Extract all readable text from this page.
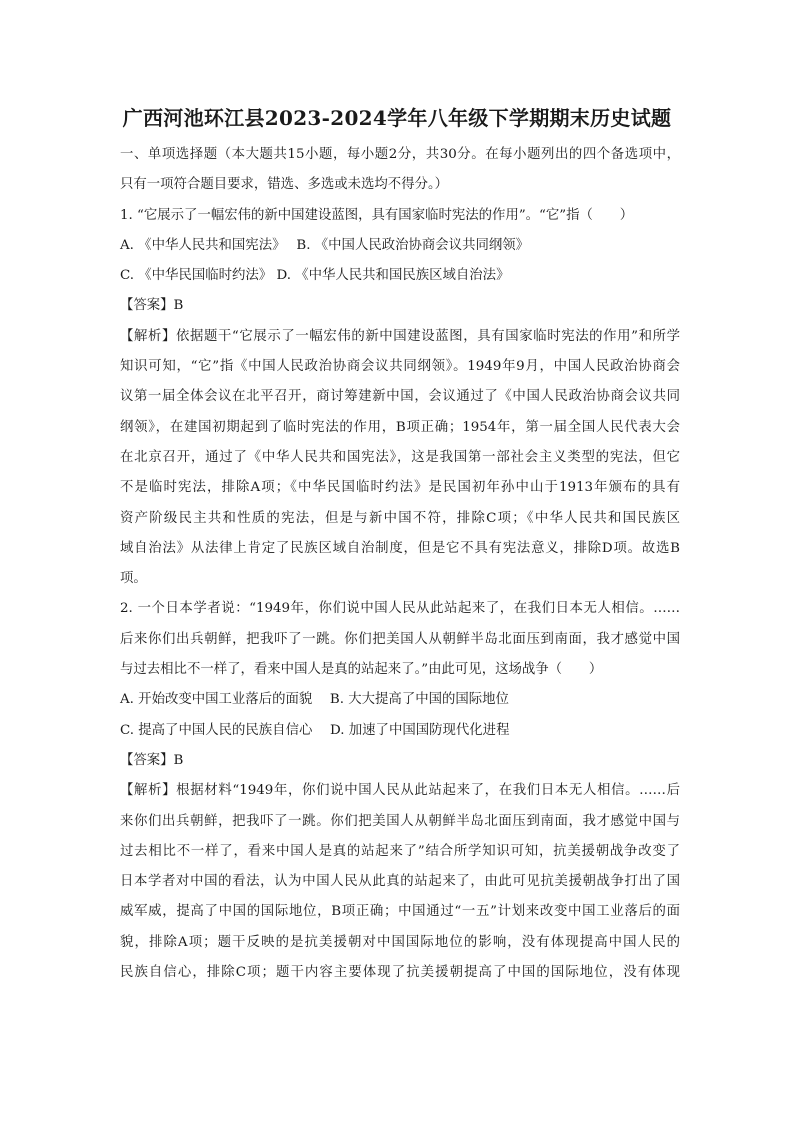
广西河池环江县2023-2024学年八年级下学期期末历史试题
一、单项选择题（本大题共15小题，每小题2分，共30分。在每小题列出的四个备选项中，
只有一项符合题目要求，错选、多选或未选均不得分。）
1. “它展示了一幅宏伟的新中国建设蓝图，具有国家临时宪法的作用”。“它”指（　　）
A. 《中华人民共和国宪法》　 B. 《中国人民政治协商会议共同纲领》
C. 《中华民国临时约法》 D. 《中华人民共和国民族区域自治法》
【答案】B
【解析】依据题干“它展示了一幅宏伟的新中国建设蓝图，具有国家临时宪法的作用”和所学
知识可知，“它”指《中国人民政治协商会议共同纲领》。1949年9月，中国人民政治协商会
议第一届全体会议在北平召开，商讨筹建新中国，会议通过了《中国人民政治协商会议共同
纲领》，在建国初期起到了临时宪法的作用，B项正确；1954年，第一届全国人民代表大会
在北京召开，通过了《中华人民共和国宪法》，这是我国第一部社会主义类型的宪法，但它
不是临时宪法，排除A项；《中华民国临时约法》是民国初年孙中山于1913年颁布的具有
资产阶级民主共和性质的宪法，但是与新中国不符，排除C项；《中华人民共和国民族区
域自治法》从法律上肯定了民族区域自治制度，但是它不具有宪法意义，排除D项。故选B
项。
2. 一个日本学者说：“1949年，你们说中国人民从此站起来了，在我们日本无人相信。……
后来你们出兵朝鲜，把我吓了一跳。你们把美国人从朝鲜半岛北面压到南面，我才感觉中国
与过去相比不一样了，看来中国人是真的站起来了。”由此可见，这场战争（　　）
A. 开始改变中国工业落后的面貌　 B. 大大提高了中国的国际地位
C. 提高了中国人民的民族自信心　 D. 加速了中国国防现代化进程
【答案】B
【解析】根据材料“1949年，你们说中国人民从此站起来了，在我们日本无人相信。……后
来你们出兵朝鲜，把我吓了一跳。你们把美国人从朝鲜半岛北面压到南面，我才感觉中国与
过去相比不一样了，看来中国人是真的站起来了”结合所学知识可知，抗美援朝战争改变了
日本学者对中国的看法，认为中国人民从此真的站起来了，由此可见抗美援朝战争打出了国
威军威，提高了中国的国际地位，B项正确；中国通过“一五”计划来改变中国工业落后的面
貌，排除A项；题干反映的是抗美援朝对中国国际地位的影响，没有体现提高中国人民的
民族自信心，排除C项；题干内容主要体现了抗美援朝提高了中国的国际地位，没有体现
